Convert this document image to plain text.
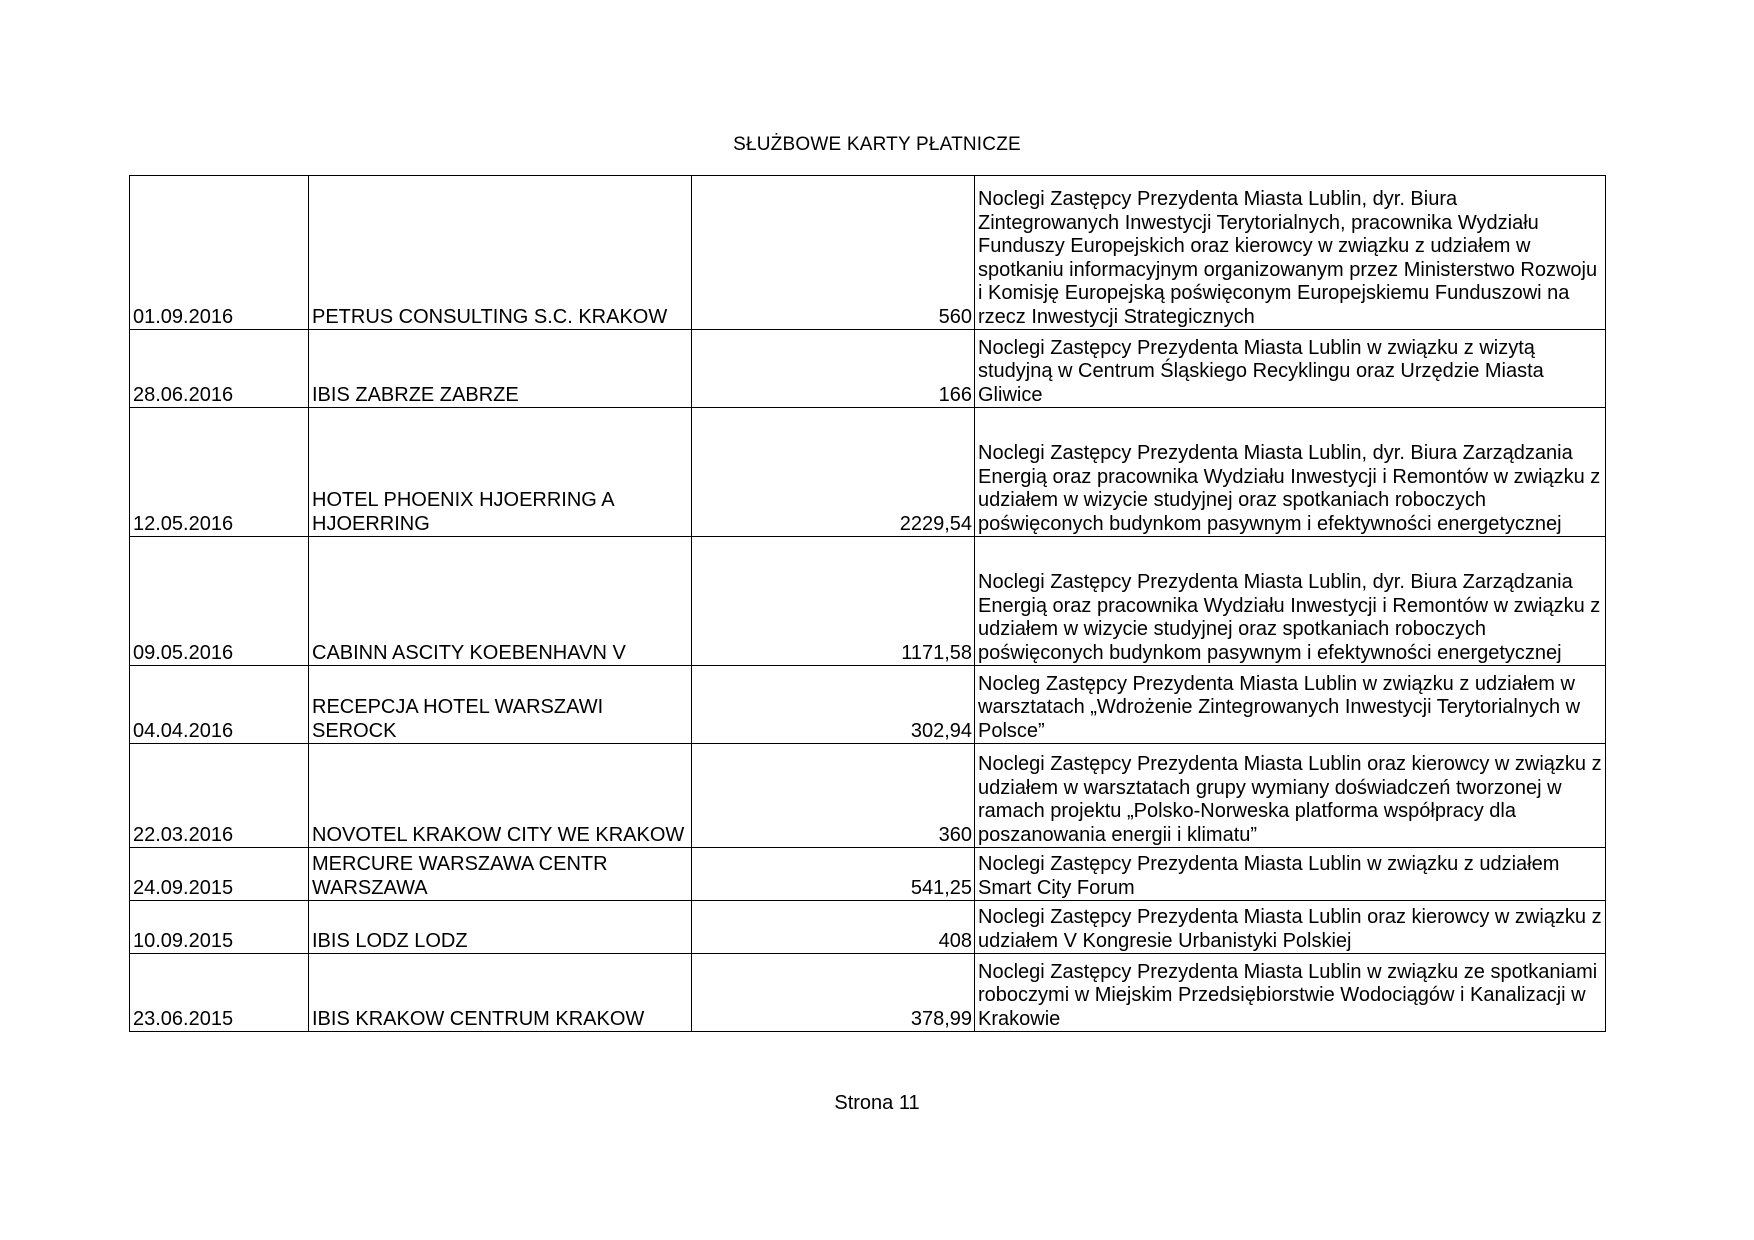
SŁUŻBOWE KARTY PŁATNICZE
01.09.2016	PETRUS CONSULTING S.C. KRAKOW	560	Noclegi Zastępcy Prezydenta Miasta Lublin, dyr. Biura Zintegrowanych Inwestycji Terytorialnych, pracownika Wydziału Funduszy Europejskich oraz kierowcy w związku z udziałem w spotkaniu informacyjnym organizowanym przez Ministerstwo Rozwoju i Komisję Europejską poświęconym Europejskiemu Funduszowi na rzecz Inwestycji Strategicznych
28.06.2016	IBIS ZABRZE ZABRZE	166	Noclegi Zastępcy Prezydenta Miasta Lublin w związku z wizytą studyjną w Centrum Śląskiego Recyklingu oraz Urzędzie Miasta Gliwice
12.05.2016	HOTEL PHOENIX HJOERRING A HJOERRING	2229,54	Noclegi Zastępcy Prezydenta Miasta Lublin, dyr. Biura Zarządzania Energią oraz pracownika Wydziału Inwestycji i Remontów w związku z udziałem w wizycie studyjnej oraz spotkaniach roboczych poświęconych budynkom pasywnym i efektywności energetycznej
09.05.2016	CABINN ASCITY KOEBENHAVN V	1171,58	Noclegi Zastępcy Prezydenta Miasta Lublin, dyr. Biura Zarządzania Energią oraz pracownika Wydziału Inwestycji i Remontów w związku z udziałem w wizycie studyjnej oraz spotkaniach roboczych poświęconych budynkom pasywnym i efektywności energetycznej
04.04.2016	RECEPCJA HOTEL WARSZAWI SEROCK	302,94	Nocleg Zastępcy Prezydenta Miasta Lublin w związku z udziałem w warsztatach „Wdrożenie Zintegrowanych Inwestycji Terytorialnych w Polsce”
22.03.2016	NOVOTEL KRAKOW CITY WE KRAKOW	360	Noclegi Zastępcy Prezydenta Miasta Lublin oraz kierowcy w związku z udziałem w warsztatach grupy wymiany doświadczeń tworzonej w ramach projektu „Polsko-Norweska platforma współpracy dla poszanowania energii i klimatu”
24.09.2015	MERCURE WARSZAWA CENTR WARSZAWA	541,25	Noclegi Zastępcy Prezydenta Miasta Lublin w związku z udziałem Smart City Forum
10.09.2015	IBIS LODZ LODZ	408	Noclegi Zastępcy Prezydenta Miasta Lublin oraz kierowcy w związku z udziałem V Kongresie Urbanistyki Polskiej
23.06.2015	IBIS KRAKOW CENTRUM KRAKOW	378,99	Noclegi Zastępcy Prezydenta Miasta Lublin w związku ze spotkaniami roboczymi w Miejskim Przedsiębiorstwie Wodociągów i Kanalizacji w Krakowie
Strona 11
